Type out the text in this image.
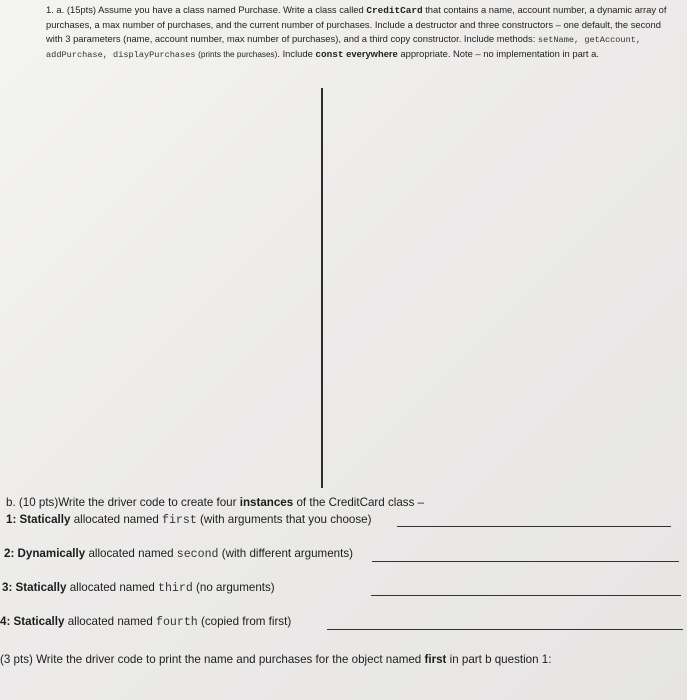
1. a. (15pts) Assume you have a class named Purchase. Write a class called CreditCard that contains a name, account number, a dynamic array of purchases, a max number of purchases, and the current number of purchases. Include a destructor and three constructors – one default, the second with 3 parameters (name, account number, max number of purchases), and a third copy constructor. Include methods: setName, getAccount, addPurchase, displayPurchases (prints the purchases). Include const everywhere appropriate. Note – no implementation in part a.
b. (10 pts)Write the driver code to create four instances of the CreditCard class –
1: Statically allocated named first (with arguments that you choose)
2: Dynamically allocated named second (with different arguments)
3: Statically allocated named third (no arguments)
4: Statically allocated named fourth (copied from first)
(3 pts) Write the driver code to print the name and purchases for the object named first in part b question 1:
